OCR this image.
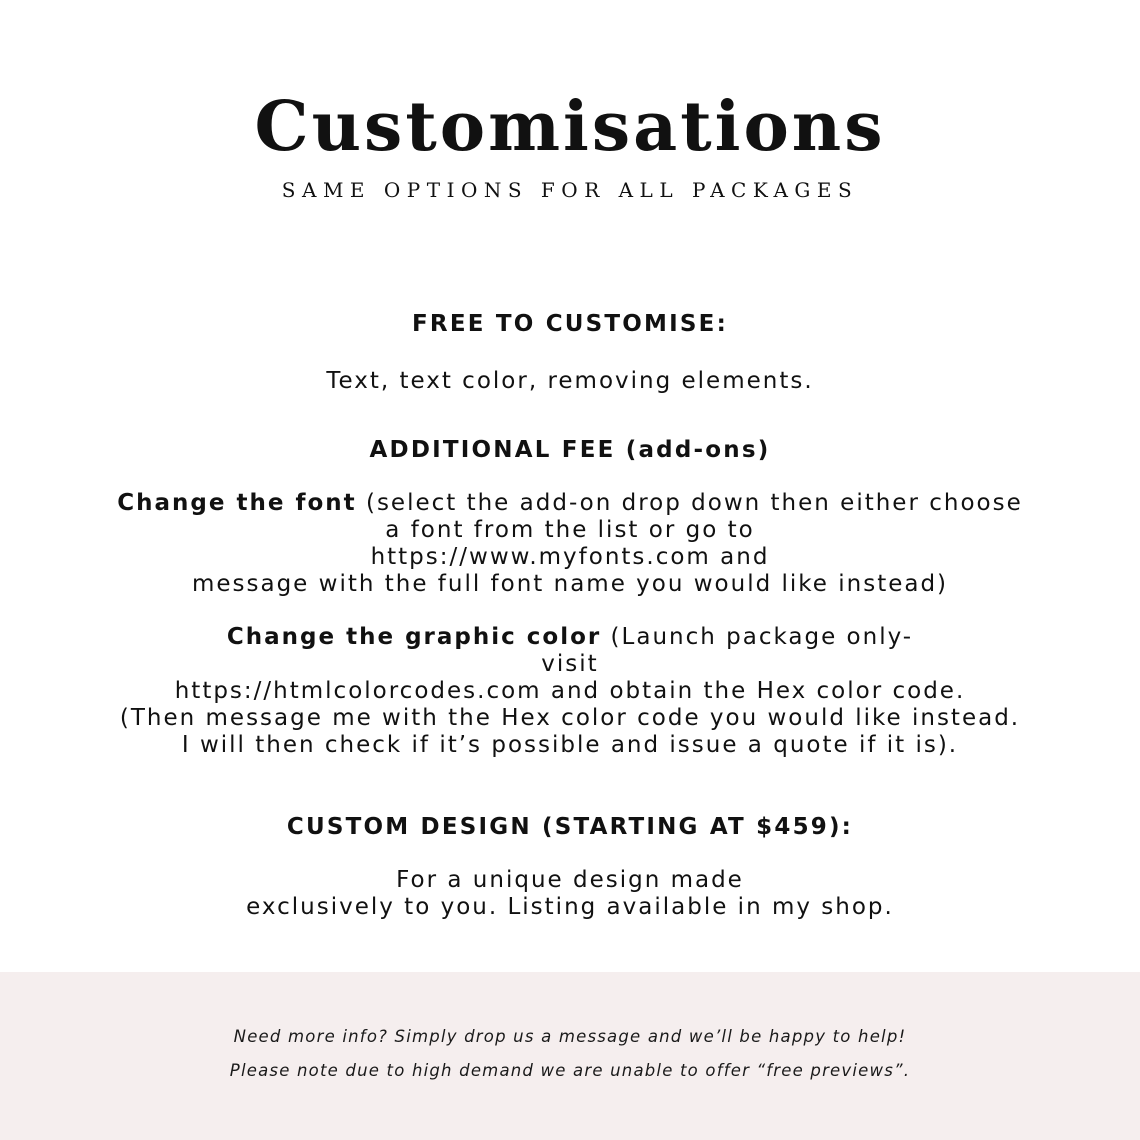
Customisations

SAME OPTIONS FOR ALL PACKAGES

FREE TO CUSTOMISE:
Text, text color, removing elements.
ADDITIONAL FEE (add-ons)
Change the font (select the add-on drop down then either choose
a font from the list or go to
https://www.myfonts.com and
message with the full font name you would like instead)
Change the graphic color (Launch package only-
visit
https://htmlcolorcodes.com and obtain the Hex color code.
(Then message me with the Hex color code you would like instead.
I will then check if it’s possible and issue a quote if it is).
CUSTOM DESIGN (STARTING AT $459):
For a unique design made
exclusively to you. Listing available in my shop.
Need more info? Simply drop us a message and we’ll be happy to help!
Please note due to high demand we are unable to offer “free previews”.
